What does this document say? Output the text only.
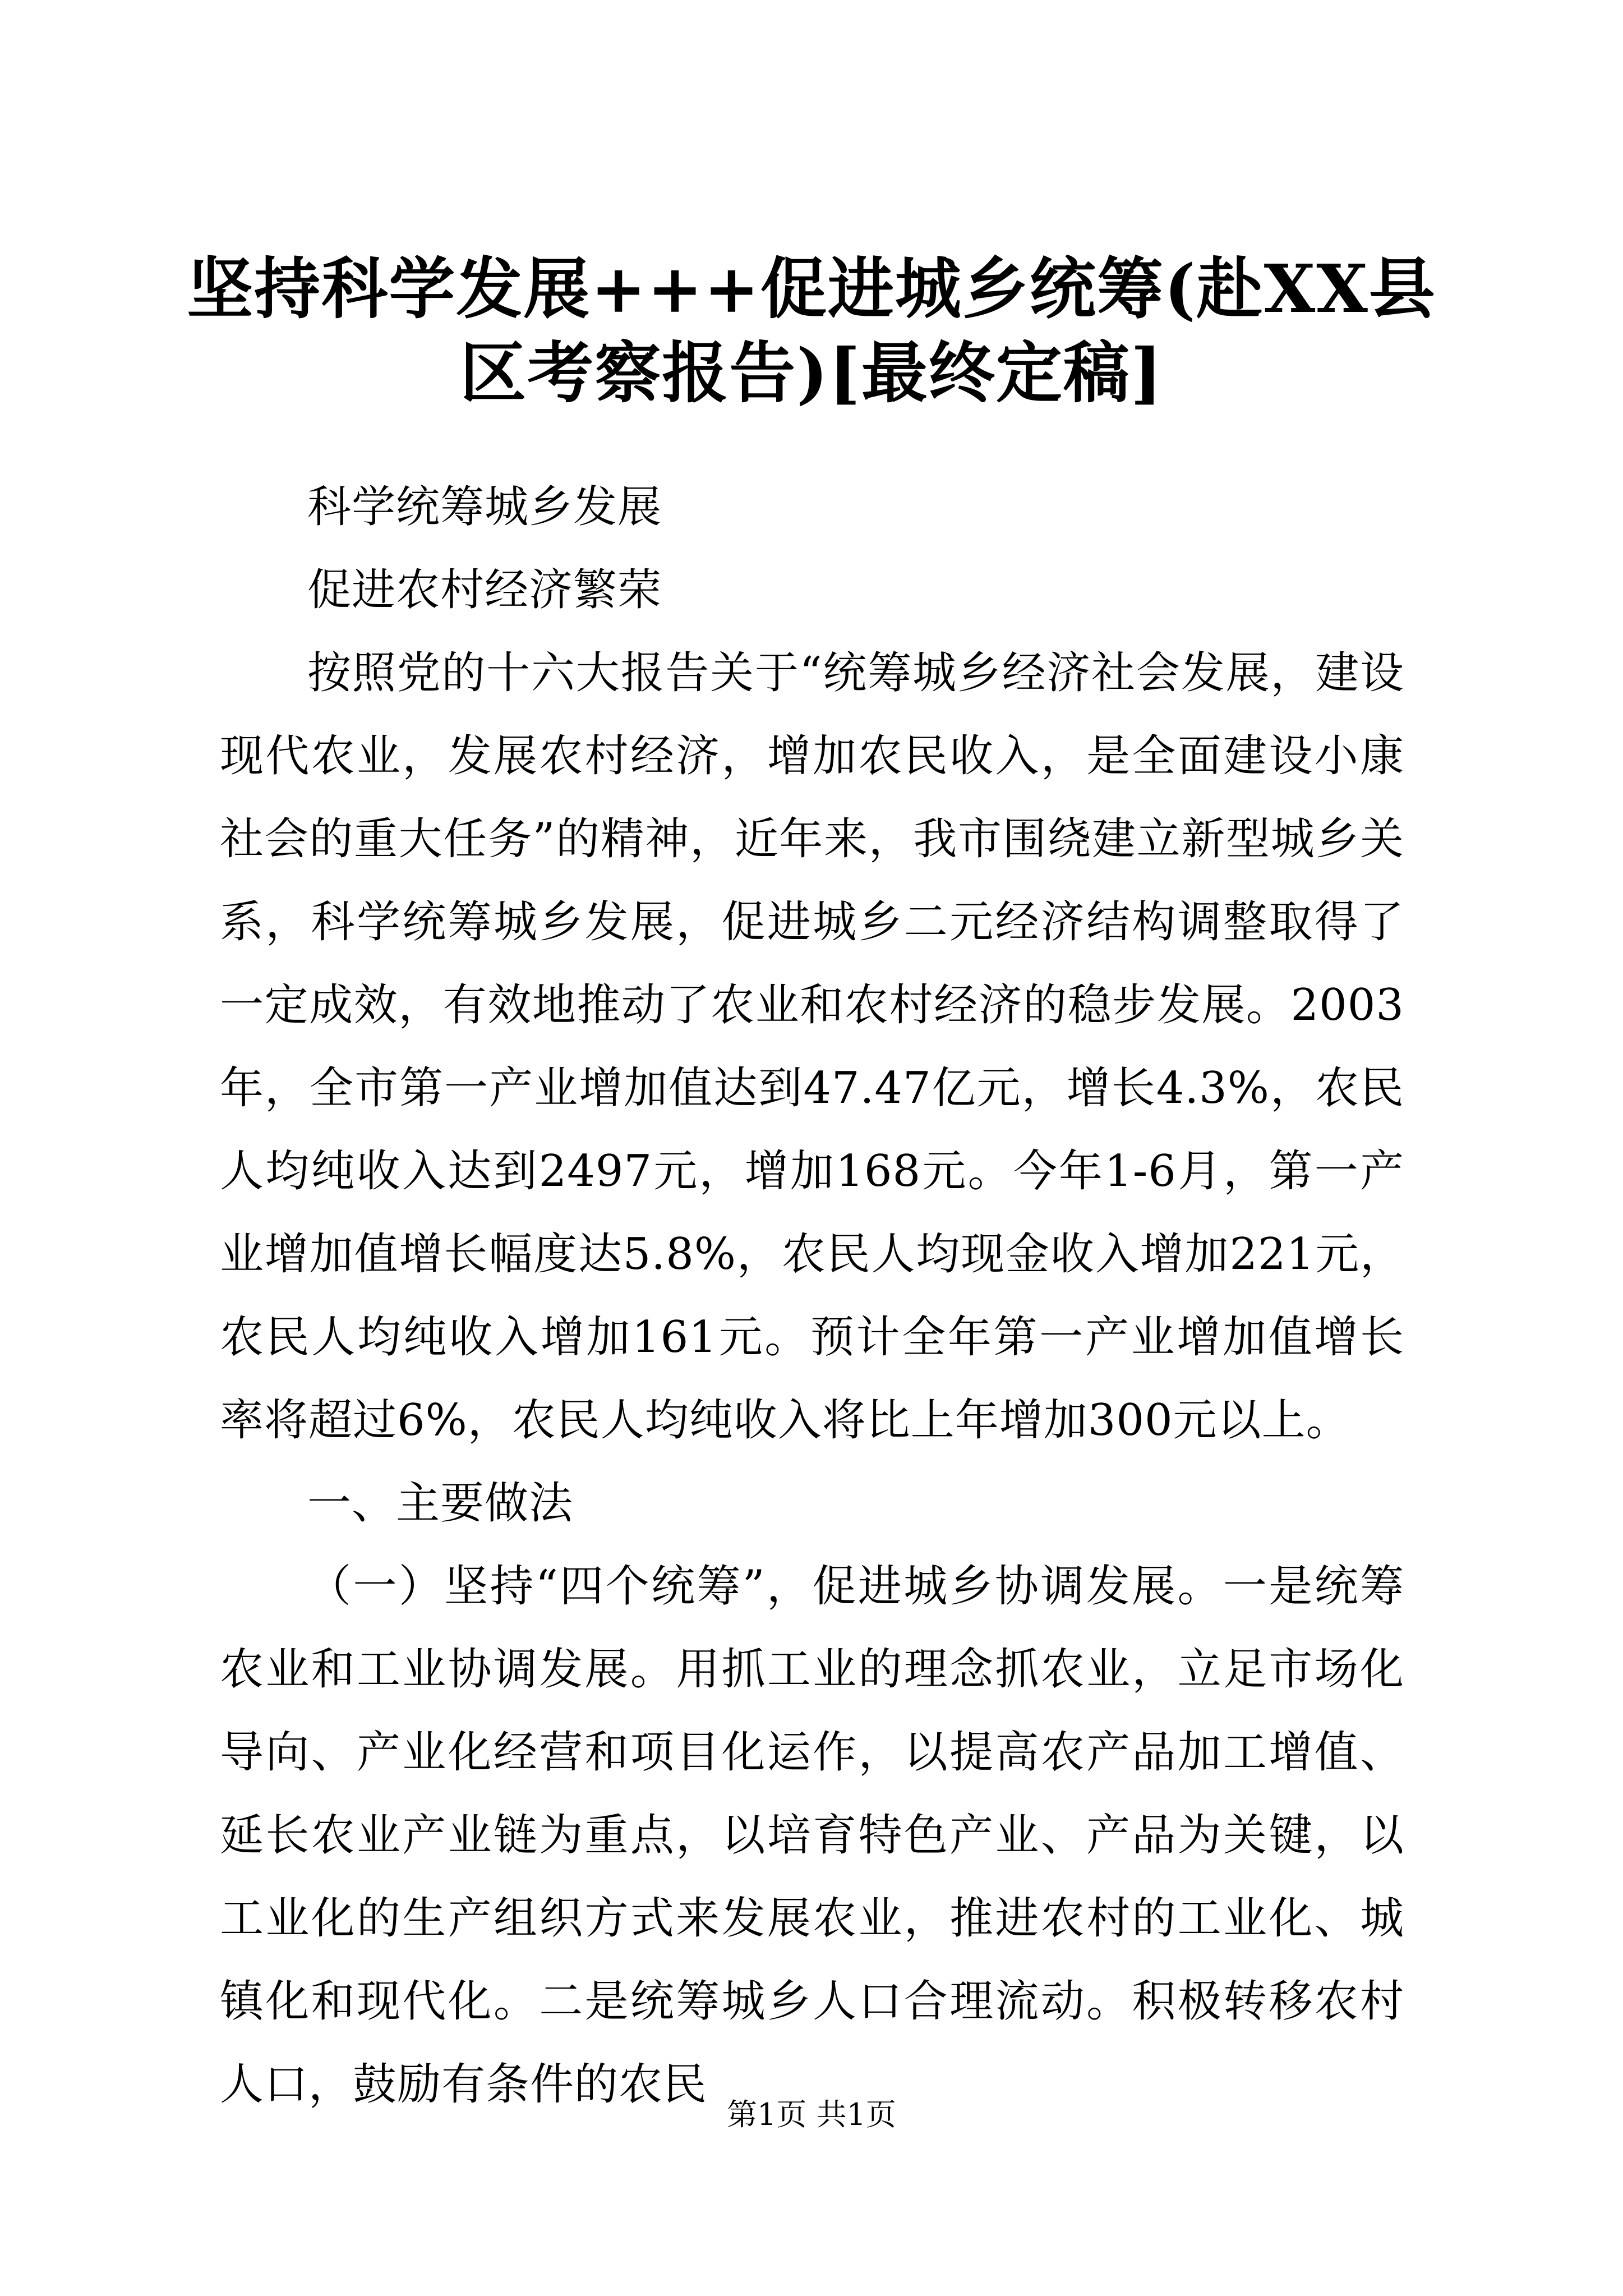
坚持科学发展+++促进城乡统筹(赴XX县区考察报告)[最终定稿]

科学统筹城乡发展

促进农村经济繁荣

按照党的十六大报告关于“统筹城乡经济社会发展，建设现代农业，发展农村经济，增加农民收入，是全面建设小康社会的重大任务”的精神，近年来，我市围绕建立新型城乡关系，科学统筹城乡发展，促进城乡二元经济结构调整取得了一定成效，有效地推动了农业和农村经济的稳步发展。2003年，全市第一产业增加值达到47.47亿元，增长4.3%，农民人均纯收入达到2497元，增加168元。今年1-6月，第一产业增加值增长幅度达5.8%，农民人均现金收入增加221元，农民人均纯收入增加161元。预计全年第一产业增加值增长率将超过6%，农民人均纯收入将比上年增加300元以上。

一、主要做法

（一）坚持“四个统筹”，促进城乡协调发展。一是统筹农业和工业协调发展。用抓工业的理念抓农业，立足市场化导向、产业化经营和项目化运作，以提高农产品加工增值、延长农业产业链为重点，以培育特色产业、产品为关键，以工业化的生产组织方式来发展农业，推进农村的工业化、城镇化和现代化。二是统筹城乡人口合理流动。积极转移农村人口，鼓励有条件的农民

第1页 共1页
